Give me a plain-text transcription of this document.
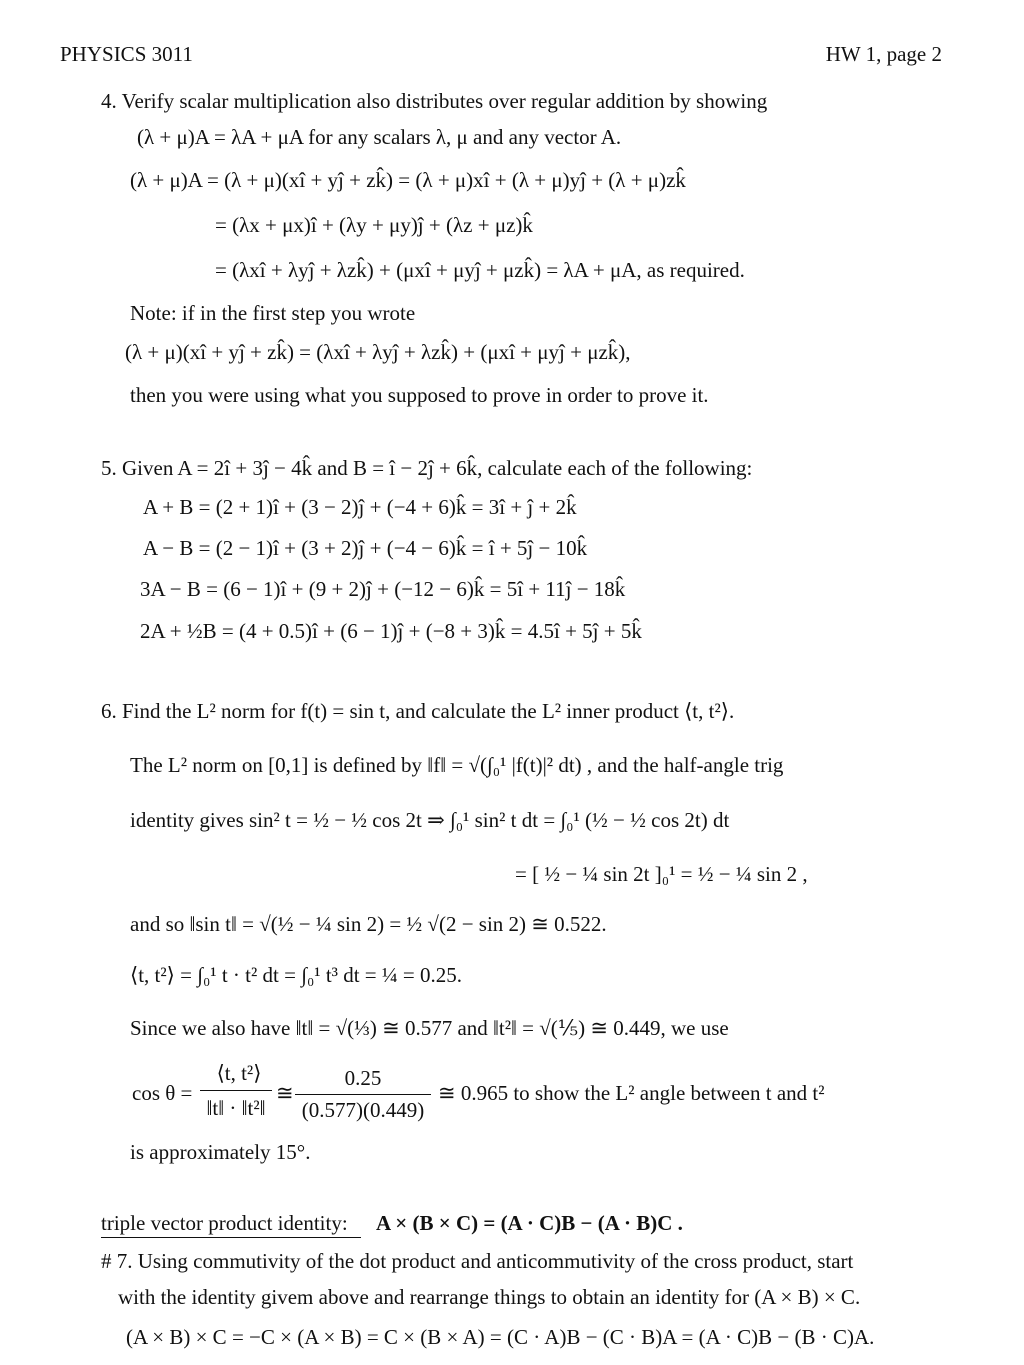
PHYSICS 3011	HW 1, page 2
4. Verify scalar multiplication also distributes over regular addition by showing
(λ + μ)A = λA + μA for any scalars λ, μ and any vector A.
(λ + μ)A = (λ + μ)(xî + yĵ + zk̂) = (λ + μ)xî + (λ + μ)yĵ + (λ + μ)zk̂
= (λx + μx)î + (λy + μy)ĵ + (λz + μz)k̂
= (λxî + λyĵ + λzk̂) + (μxî + μyĵ + μzk̂) = λA + μA, as required.
Note: if in the first step you wrote
(λ + μ)(xî + yĵ + zk̂) = (λxî + λyĵ + λzk̂) + (μxî + μyĵ + μzk̂),
then you were using what you supposed to prove in order to prove it.
5. Given A = 2î + 3ĵ − 4k̂ and B = î − 2ĵ + 6k̂, calculate each of the following:
A + B = (2 + 1)î + (3 − 2)ĵ + (−4 + 6)k̂ = 3î + ĵ + 2k̂
A − B = (2 − 1)î + (3 + 2)ĵ + (−4 − 6)k̂ = î + 5ĵ − 10k̂
3A − B = (6 − 1)î + (9 + 2)ĵ + (−12 − 6)k̂ = 5î + 11ĵ − 18k̂
2A + ½B = (4 + 0.5)î + (6 − 1)ĵ + (−8 + 3)k̂ = 4.5î + 5ĵ + 5k̂
6. Find the L² norm for f(t) = sin t, and calculate the L² inner product ⟨t, t²⟩.
The L² norm on [0,1] is defined by ‖f‖ = √(∫₀¹ |f(t)|² dt) , and the half-angle trig
identity gives sin² t = ½ − ½ cos 2t ⇒ ∫₀¹ sin² t dt = ∫₀¹ (½ − ½ cos 2t) dt
= [ ½ − ¼ sin 2t ]₀¹ = ½ − ¼ sin 2 ,
and so ‖sin t‖ = √(½ − ¼ sin 2) = ½ √(2 − sin 2) ≅ 0.522.
⟨t, t²⟩ = ∫₀¹ t · t² dt = ∫₀¹ t³ dt = ¼ = 0.25.
Since we also have ‖t‖ = √(⅓) ≅ 0.577 and ‖t²‖ = √(⅕) ≅ 0.449, we use
cos θ =
⟨t, t²⟩
‖t‖ · ‖t²‖
≅
0.25
(0.577)(0.449)
≅ 0.965 to show the L² angle between t and t²
is approximately 15°.
triple vector product identity: A × (B × C) = (A · C)B − (A · B)C .
# 7. Using commutivity of the dot product and anticommutivity of the cross product, start
with the identity givem above and rearrange things to obtain an identity for (A × B) × C.
(A × B) × C = −C × (A × B) = C × (B × A) = (C · A)B − (C · B)A = (A · C)B − (B · C)A.
